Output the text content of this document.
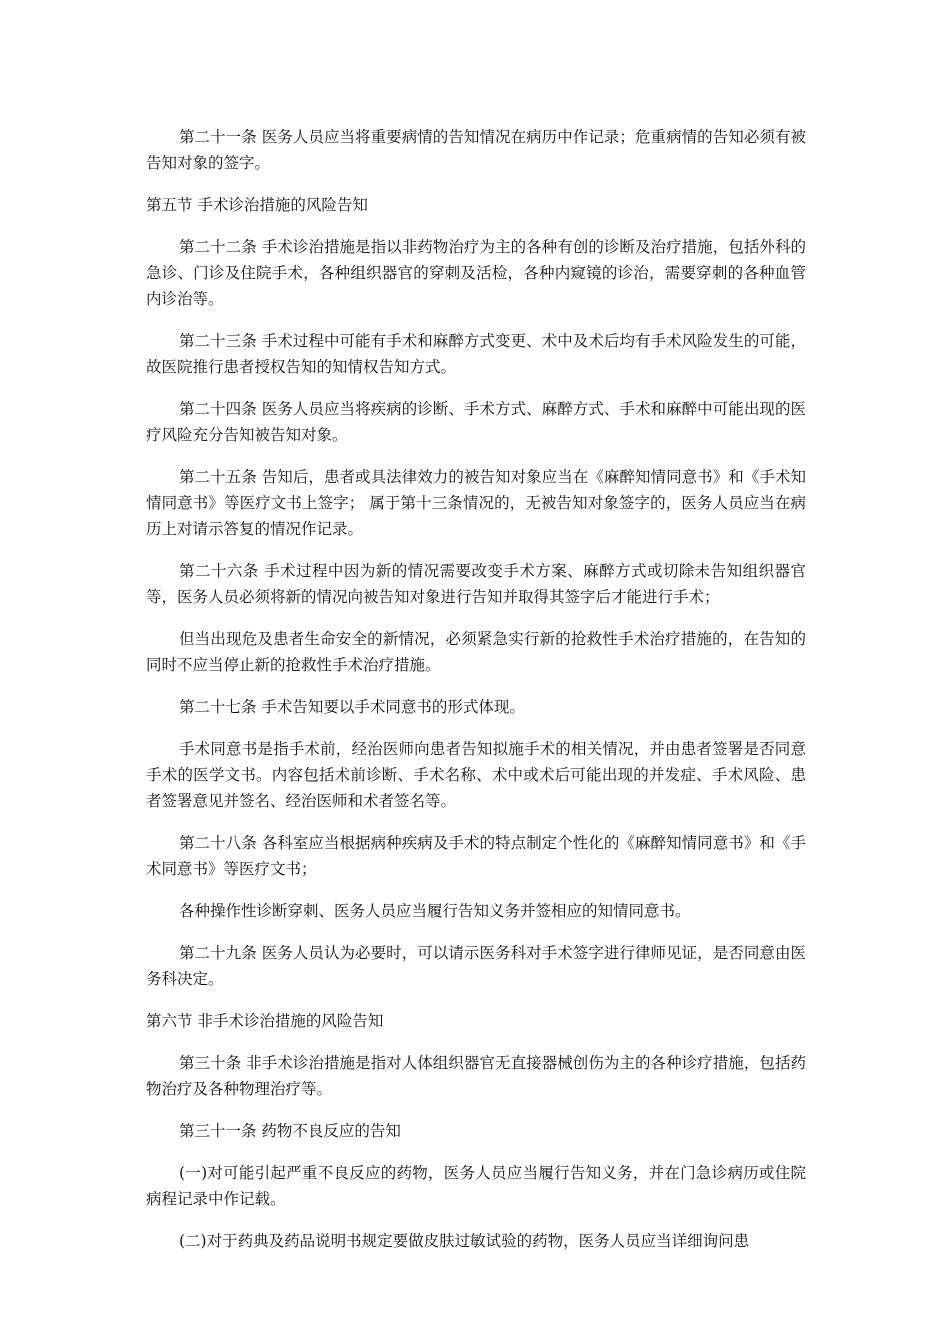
第二十一条 医务人员应当将重要病情的告知情况在病历中作记录；危重病情的告知必须有被告知对象的签字。

第五节 手术诊治措施的风险告知

第二十二条 手术诊治措施是指以非药物治疗为主的各种有创的诊断及治疗措施，包括外科的急诊、门诊及住院手术，各种组织器官的穿刺及活检，各种内窥镜的诊治，需要穿刺的各种血管内诊治等。

第二十三条 手术过程中可能有手术和麻醉方式变更、术中及术后均有手术风险发生的可能，故医院推行患者授权告知的知情权告知方式。

第二十四条 医务人员应当将疾病的诊断、手术方式、麻醉方式、手术和麻醉中可能出现的医疗风险充分告知被告知对象。

第二十五条 告知后，患者或具法律效力的被告知对象应当在《麻醉知情同意书》和《手术知情同意书》等医疗文书上签字； 属于第十三条情况的，无被告知对象签字的，医务人员应当在病历上对请示答复的情况作记录。

第二十六条 手术过程中因为新的情况需要改变手术方案、麻醉方式或切除未告知组织器官等，医务人员必须将新的情况向被告知对象进行告知并取得其签字后才能进行手术；

但当出现危及患者生命安全的新情况，必须紧急实行新的抢救性手术治疗措施的，在告知的同时不应当停止新的抢救性手术治疗措施。

第二十七条 手术告知要以手术同意书的形式体现。

手术同意书是指手术前，经治医师向患者告知拟施手术的相关情况，并由患者签署是否同意手术的医学文书。内容包括术前诊断、手术名称、术中或术后可能出现的并发症、手术风险、患者签署意见并签名、经治医师和术者签名等。

第二十八条 各科室应当根据病种疾病及手术的特点制定个性化的《麻醉知情同意书》和《手术同意书》等医疗文书；

各种操作性诊断穿刺、医务人员应当履行告知义务并签相应的知情同意书。

第二十九条 医务人员认为必要时，可以请示医务科对手术签字进行律师见证，是否同意由医务科决定。

第六节 非手术诊治措施的风险告知

第三十条 非手术诊治措施是指对人体组织器官无直接器械创伤为主的各种诊疗措施，包括药物治疗及各种物理治疗等。

第三十一条 药物不良反应的告知

(一)对可能引起严重不良反应的药物，医务人员应当履行告知义务，并在门急诊病历或住院病程记录中作记载。

(二)对于药典及药品说明书规定要做皮肤过敏试验的药物，医务人员应当详细询问患
